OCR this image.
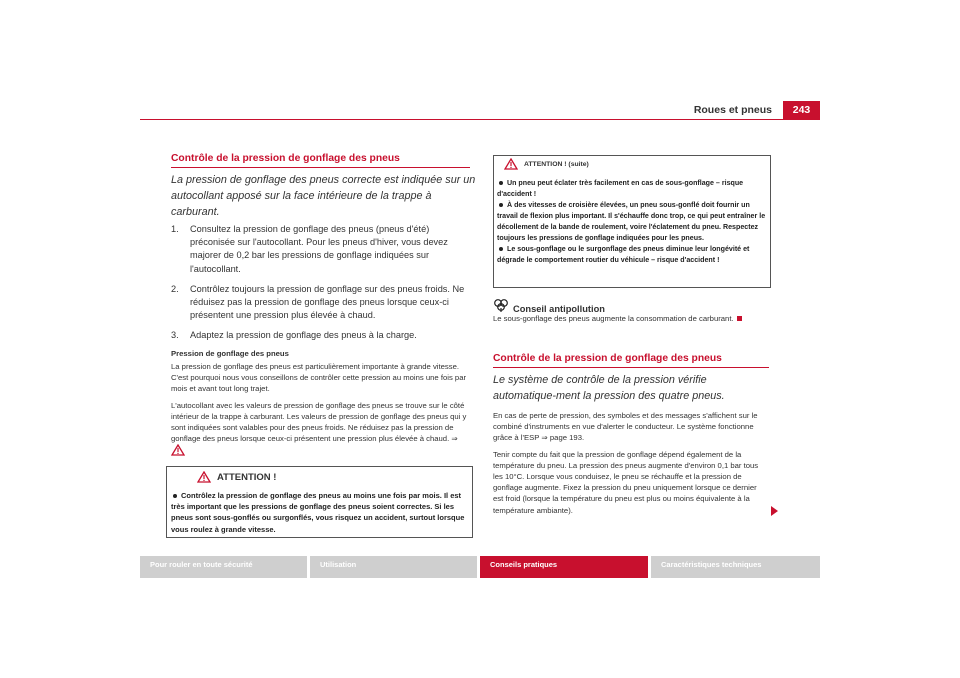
Roues et pneus	243
Contrôle de la pression de gonflage des pneus
La pression de gonflage des pneus correcte est indiquée sur un autocollant apposé sur la face intérieure de la trappe à carburant.
1. Consultez la pression de gonflage des pneus (pneus d'été) préconisée sur l'autocollant. Pour les pneus d'hiver, vous devez majorer de 0,2 bar les pressions de gonflage indiquées sur l'autocollant.
2. Contrôlez toujours la pression de gonflage sur des pneus froids. Ne réduisez pas la pression de gonflage des pneus lorsque ceux-ci présentent une pression plus élevée à chaud.
3. Adaptez la pression de gonflage des pneus à la charge.
Pression de gonflage des pneus

La pression de gonflage des pneus est particulièrement importante à grande vitesse. C'est pourquoi nous vous conseillons de contrôler cette pression au moins une fois par mois et avant tout long trajet.

L'autocollant avec les valeurs de pression de gonflage des pneus se trouve sur le côté intérieur de la trappe à carburant. Les valeurs de pression de gonflage des pneus qui y sont indiquées sont valables pour des pneus froids. Ne réduisez pas la pression de gonflage des pneus lorsque ceux-ci présentent une pression plus élevée à chaud. ⇒

ATTENTION !
Contrôlez la pression de gonflage des pneus au moins une fois par mois. Il est très important que les pressions de gonflage des pneus soient correctes. Si les pneus sont sous-gonflés ou surgonflés, vous risquez un accident, surtout lorsque vous roulez à grande vitesse.
ATTENTION ! (suite)
Un pneu peut éclater très facilement en cas de sous-gonflage – risque d'accident !
À des vitesses de croisière élevées, un pneu sous-gonflé doit fournir un travail de flexion plus important. Il s'échauffe donc trop, ce qui peut entraîner le décollement de la bande de roulement, voire l'éclatement du pneu. Respectez toujours les pressions de gonflage indiquées pour les pneus.
Le sous-gonflage ou le surgonflage des pneus diminue leur longévité et dégrade le comportement routier du véhicule – risque d'accident !
Conseil antipollution
Le sous-gonflage des pneus augmente la consommation de carburant.
Contrôle de la pression de gonflage des pneus
Le système de contrôle de la pression vérifie automatique-ment la pression des quatre pneus.

En cas de perte de pression, des symboles et des messages s'affichent sur le combiné d'instruments en vue d'alerter le conducteur. Le système fonctionne grâce à l'ESP ⇒ page 193.

Tenir compte du fait que la pression de gonflage dépend également de la température du pneu. La pression des pneus augmente d'environ 0,1 bar tous les 10°C. Lorsque vous conduisez, le pneu se réchauffe et la pression de gonflage augmente. Fixez la pression du pneu uniquement lorsque ce dernier est froid (lorsque la température du pneu est plus ou moins équivalente à la température ambiante).

Pour rouler en toute sécurité	Utilisation	Conseils pratiques	Caractéristiques techniques
